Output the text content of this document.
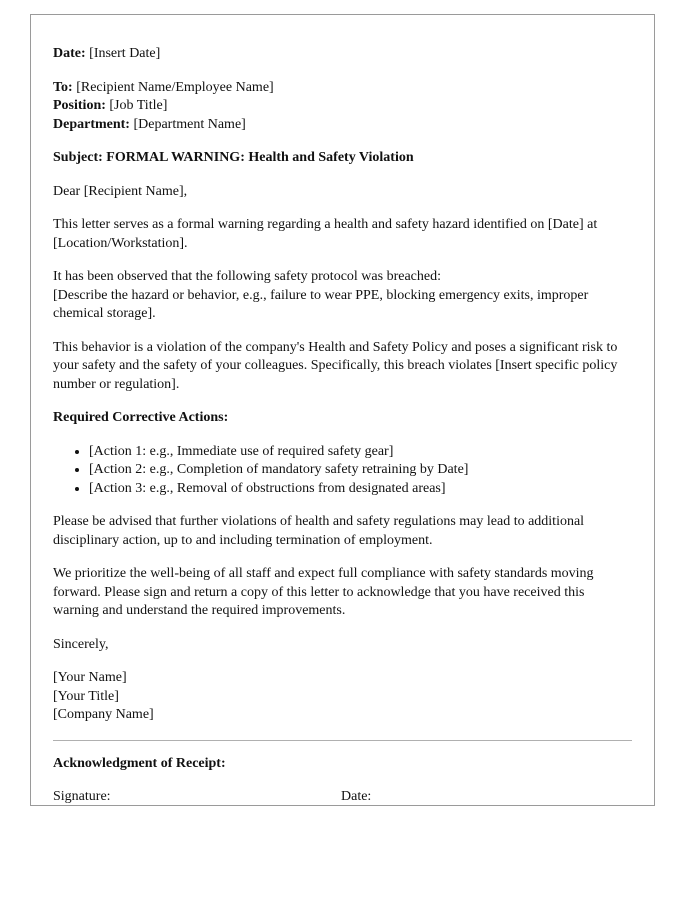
Date: [Insert Date]

To: [Recipient Name/Employee Name]
Position: [Job Title]
Department: [Department Name]

Subject: FORMAL WARNING: Health and Safety Violation

Dear [Recipient Name],

This letter serves as a formal warning regarding a health and safety hazard identified on [Date] at [Location/Workstation].

It has been observed that the following safety protocol was breached:
[Describe the hazard or behavior, e.g., failure to wear PPE, blocking emergency exits, improper chemical storage].

This behavior is a violation of the company's Health and Safety Policy and poses a significant risk to your safety and the safety of your colleagues. Specifically, this breach violates [Insert specific policy number or regulation].

Required Corrective Actions:

• [Action 1: e.g., Immediate use of required safety gear]
• [Action 2: e.g., Completion of mandatory safety retraining by Date]
• [Action 3: e.g., Removal of obstructions from designated areas]

Please be advised that further violations of health and safety regulations may lead to additional disciplinary action, up to and including termination of employment.

We prioritize the well-being of all staff and expect full compliance with safety standards moving forward. Please sign and return a copy of this letter to acknowledge that you have received this warning and understand the required improvements.

Sincerely,

[Your Name]
[Your Title]
[Company Name]

Acknowledgment of Receipt:

Signature:	Date:
